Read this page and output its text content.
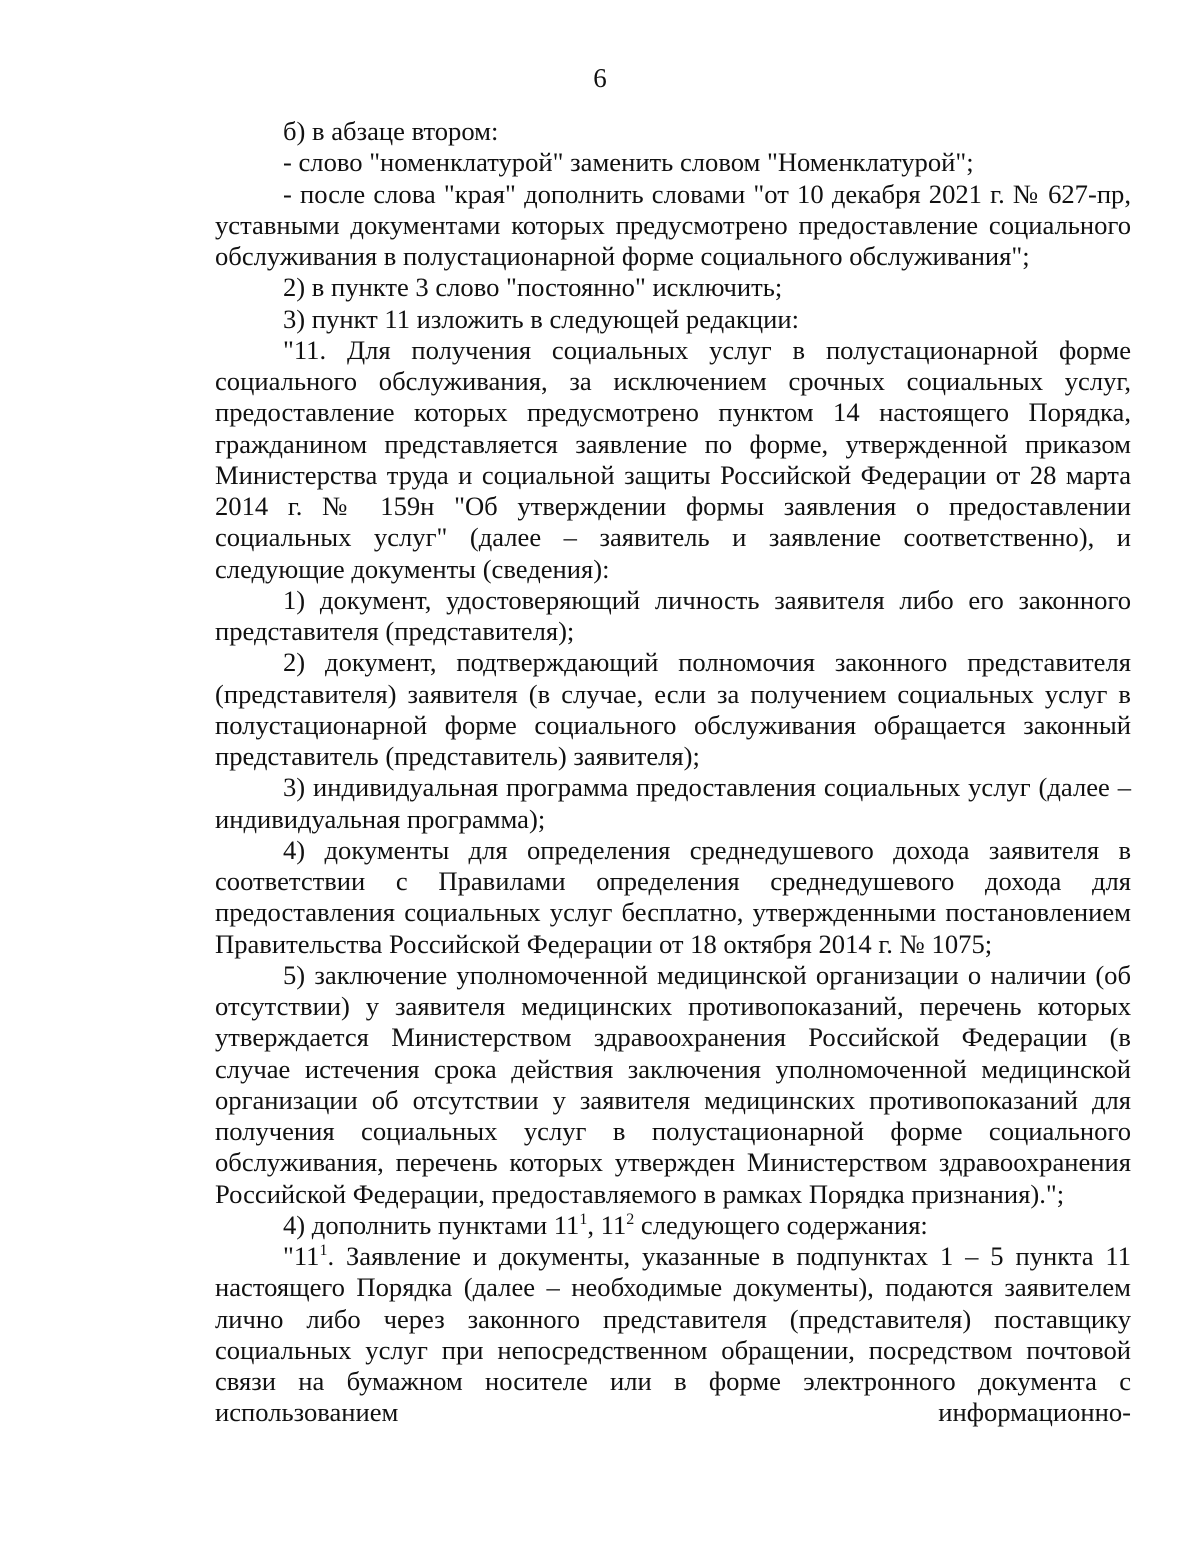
6

б) в абзаце втором:

- слово "номенклатурой" заменить словом "Номенклатурой";

- после слова "края" дополнить словами "от 10 декабря 2021 г. № 627-пр, уставными документами которых предусмотрено предоставление социального обслуживания в полустационарной форме социального обслуживания";

2) в пункте 3 слово "постоянно" исключить;

3) пункт 11 изложить в следующей редакции:

"11. Для получения социальных услуг в полустационарной форме социального обслуживания, за исключением срочных социальных услуг, предоставление которых предусмотрено пунктом 14 настоящего Порядка, гражданином представляется заявление по форме, утвержденной приказом Министерства труда и социальной защиты Российской Федерации от 28 марта 2014 г. № 159н "Об утверждении формы заявления о предоставлении социальных услуг" (далее – заявитель и заявление соответственно), и следующие документы (сведения):

1) документ, удостоверяющий личность заявителя либо его законного представителя (представителя);

2) документ, подтверждающий полномочия законного представителя (представителя) заявителя (в случае, если за получением социальных услуг в полустационарной форме социального обслуживания обращается законный представитель (представитель) заявителя);

3) индивидуальная программа предоставления социальных услуг (далее – индивидуальная программа);

4) документы для определения среднедушевого дохода заявителя в соответствии с Правилами определения среднедушевого дохода для предоставления социальных услуг бесплатно, утвержденными постановлением Правительства Российской Федерации от 18 октября 2014 г. № 1075;

5) заключение уполномоченной медицинской организации о наличии (об отсутствии) у заявителя медицинских противопоказаний, перечень которых утверждается Министерством здравоохранения Российской Федерации (в случае истечения срока действия заключения уполномоченной медицинской организации об отсутствии у заявителя медицинских противопоказаний для получения социальных услуг в полустационарной форме социального обслуживания, перечень которых утвержден Министерством здравоохранения Российской Федерации, предоставляемого в рамках Порядка признания).";

4) дополнить пунктами $11^1$, $11^2$ следующего содержания:

"$11^1$. Заявление и документы, указанные в подпунктах 1 – 5 пункта 11 настоящего Порядка (далее – необходимые документы), подаются заявителем лично либо через законного представителя (представителя) поставщику социальных услуг при непосредственном обращении, посредством почтовой связи на бумажном носителе или в форме электронного документа с использованием информационно-
